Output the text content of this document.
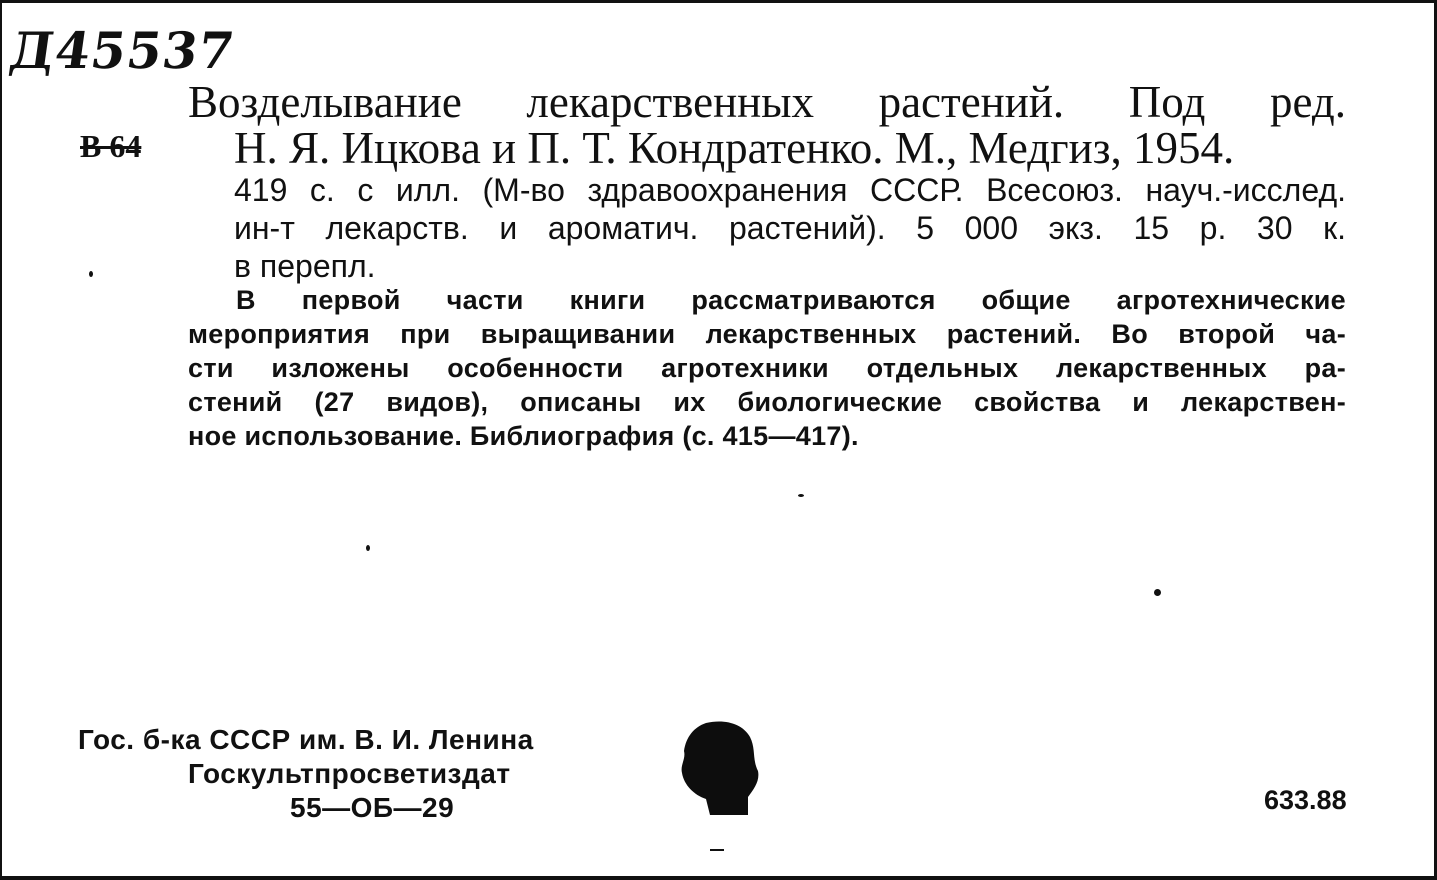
Д45537
В 64
Возделывание лекарственных растений. Под ред.
Н. Я. Ицкова и П. Т. Кондратенко. М., Медгиз, 1954.
419 с. с илл. (М-во здравоохранения СССР. Всесоюз. науч.-исслед.
ин-т лекарств. и ароматич. растений). 5 000 экз. 15 р. 30 к.
в перепл.
В первой части книги рассматриваются общие агротехнические
мероприятия при выращивании лекарственных растений. Во второй ча-
сти изложены особенности агротехники отдельных лекарственных ра-
стений (27 видов), описаны их биологические свойства и лекарствен-
ное использование. Библиография (с. 415—417).
Гос. б-ка СССР им. В. И. Ленина
Госкультпросветиздат
55—ОБ—29	633.88
